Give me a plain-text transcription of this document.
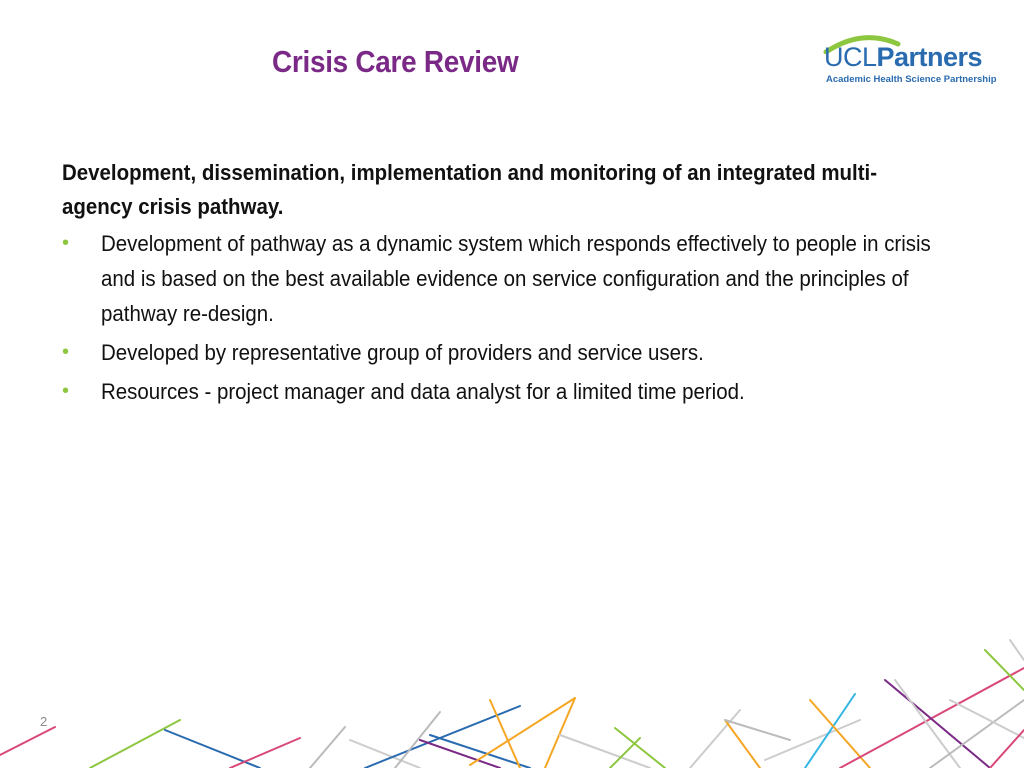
Crisis Care Review	UCLPartners
Academic Health Science Partnership
Development, dissemination, implementation and monitoring of an integrated multi-agency crisis pathway.
• Development of pathway as a dynamic system which responds effectively to people in crisis and is based on the best available evidence on service configuration and the principles of pathway re-design.
• Developed by representative group of providers and service users.
• Resources - project manager and data analyst for a limited time period.
2
